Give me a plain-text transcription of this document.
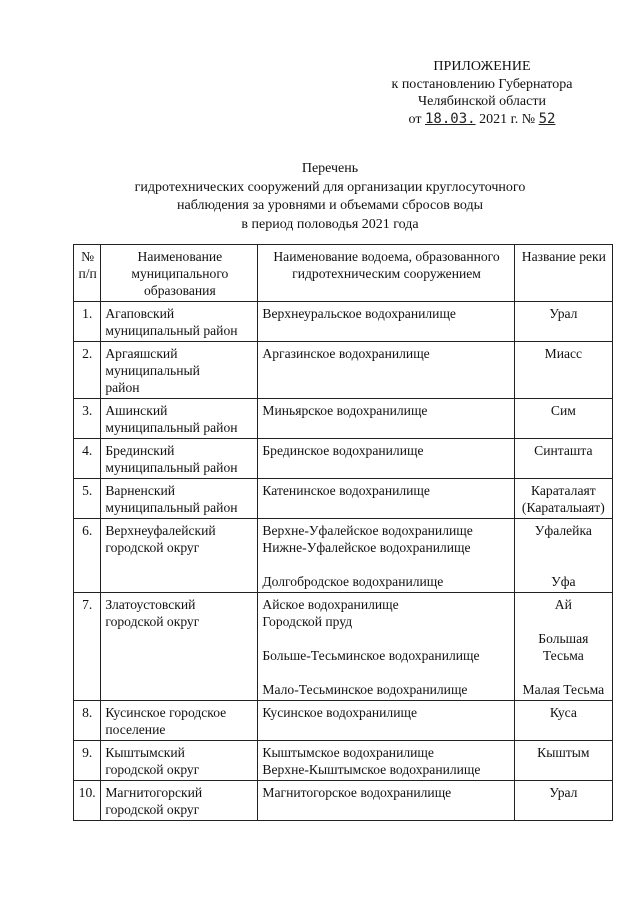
ПРИЛОЖЕНИЕ
к постановлению Губернатора
Челябинской области
от 18.03. 2021 г. № 52
Перечень
гидротехнических сооружений для организации круглосуточного
наблюдения за уровнями и объемами сбросов воды
в период половодья 2021 года
№ п/п	Наименование муниципального образования	Наименование водоема, образованного гидротехническим сооружением	Название реки
1.	Агаповский
муниципальный район	Верхнеуральское водохранилище	Урал

2.	Аргаяшский
муниципальный
район	Аргазинское водохранилище	Миасс

3.	Ашинский
муниципальный район	Миньярское водохранилище	Сим

4.	Брединский
муниципальный район	Брединское водохранилище	Синташта

5.	Варненский
муниципальный район	Катенинское водохранилище	Караталаят
(Караталыаят)

6.	Верхнеуфалейский
городской округ	Верхне-Уфалейское водохранилище
Нижне-Уфалейское водохранилище
Долгобродское водохранилище	Уфалейка
Уфа

7.	Златоустовский
городской округ	Айское водохранилище
Городской пруд
Больше-Тесьминское водохранилище
Мало-Тесьминское водохранилище	Ай
Большая
Тесьма
Малая Тесьма

8.	Кусинское городское
поселение	Кусинское водохранилище	Куса

9.	Кыштымский
городской округ	Кыштымское водохранилище
Верхне-Кыштымское водохранилище	Кыштым

10.	Магнитогорский
городской округ	Магнитогорское водохранилище	Урал
